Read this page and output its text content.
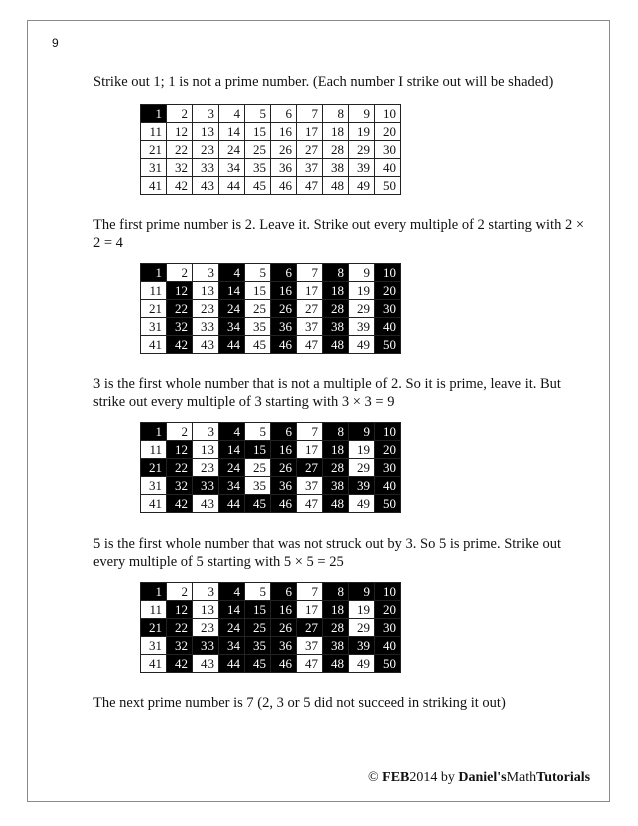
9

Strike out 1; 1 is not a prime number. (Each number I strike out will be shaded)

1	2	3	4	5	6	7	8	9	10
11	12	13	14	15	16	17	18	19	20
21	22	23	24	25	26	27	28	29	30
31	32	33	34	35	36	37	38	39	40
41	42	43	44	45	46	47	48	49	50

The first prime number is 2. Leave it. Strike out every multiple of 2 starting with 2 × 2 = 4

1	2	3	4	5	6	7	8	9	10
11	12	13	14	15	16	17	18	19	20
21	22	23	24	25	26	27	28	29	30
31	32	33	34	35	36	37	38	39	40
41	42	43	44	45	46	47	48	49	50

3 is the first whole number that is not a multiple of 2. So it is prime, leave it. But strike out every multiple of 3 starting with 3 × 3 = 9

1	2	3	4	5	6	7	8	9	10
11	12	13	14	15	16	17	18	19	20
21	22	23	24	25	26	27	28	29	30
31	32	33	34	35	36	37	38	39	40
41	42	43	44	45	46	47	48	49	50

5 is the first whole number that was not struck out by 3. So 5 is prime. Strike out every multiple of 5 starting with 5 × 5 = 25

1	2	3	4	5	6	7	8	9	10
11	12	13	14	15	16	17	18	19	20
21	22	23	24	25	26	27	28	29	30
31	32	33	34	35	36	37	38	39	40
41	42	43	44	45	46	47	48	49	50

The next prime number is 7 (2, 3 or 5 did not succeed in striking it out)

© FEB2014 by Daniel'sMathTutorials
